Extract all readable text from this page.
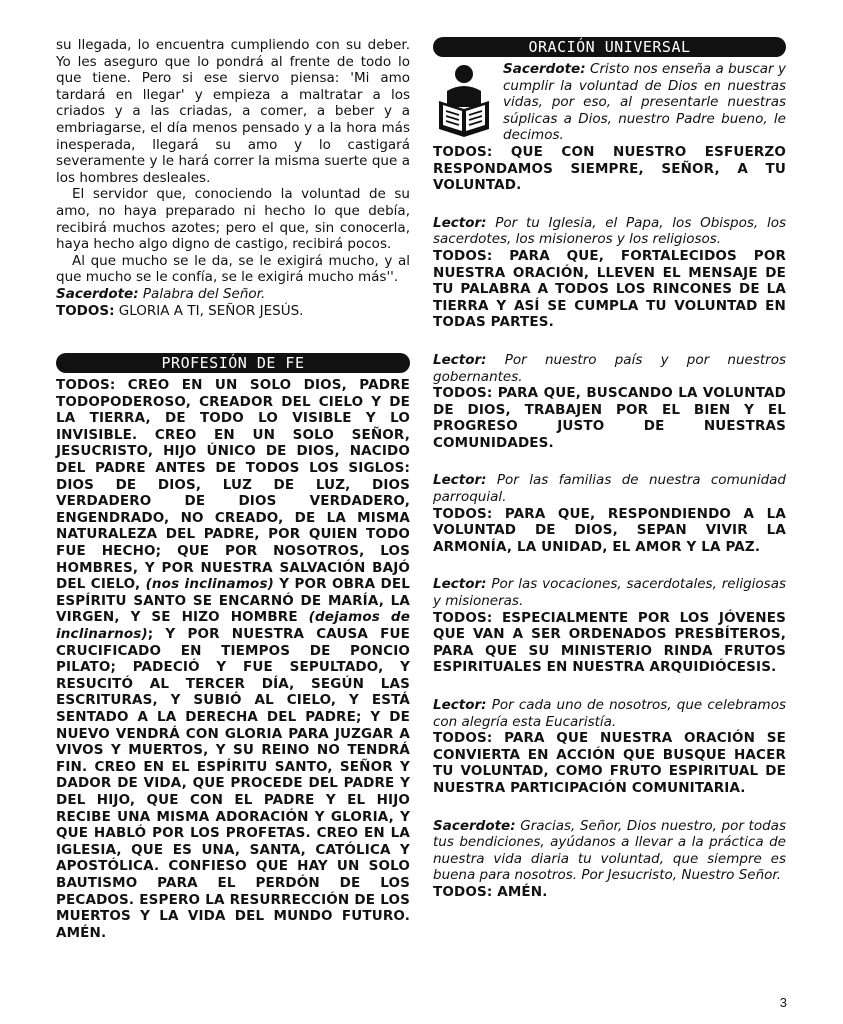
su llegada, lo encuentra cumpliendo con su deber. Yo les aseguro que lo pondrá al frente de todo lo que tiene. Pero si ese siervo piensa: 'Mi amo tardará en llegar' y empieza a maltratar a los criados y a las criadas, a comer, a beber y a embriagarse, el día menos pensado y a la hora más inesperada, llegará su amo y lo castigará severamente y le hará correr la misma suerte que a los hombres desleales.

El servidor que, conociendo la voluntad de su amo, no haya preparado ni hecho lo que debía, recibirá muchos azotes; pero el que, sin conocerla, haya hecho algo digno de castigo, recibirá pocos.

Al que mucho se le da, se le exigirá mucho, y al que mucho se le confía, se le exigirá mucho más''.

Sacerdote: Palabra del Señor.

TODOS: GLORIA A TI, SEÑOR JESÚS.

PROFESIÓN DE FE

TODOS: CREO EN UN SOLO DIOS, PADRE TODOPODEROSO, CREADOR DEL CIELO Y DE LA TIERRA, DE TODO LO VISIBLE Y LO INVISIBLE. CREO EN UN SOLO SEÑOR, JESUCRISTO, HIJO ÚNICO DE DIOS, NACIDO DEL PADRE ANTES DE TODOS LOS SIGLOS: DIOS DE DIOS, LUZ DE LUZ, DIOS VERDADERO DE DIOS VERDADERO, ENGENDRADO, NO CREADO, DE LA MISMA NATURALEZA DEL PADRE, POR QUIEN TODO FUE HECHO; QUE POR NOSOTROS, LOS HOMBRES, Y POR NUESTRA SALVACIÓN BAJÓ DEL CIELO, (nos inclinamos) Y POR OBRA DEL ESPÍRITU SANTO SE ENCARNÓ DE MARÍA, LA VIRGEN, Y SE HIZO HOMBRE (dejamos de inclinarnos); Y POR NUESTRA CAUSA FUE CRUCIFICADO EN TIEMPOS DE PONCIO PILATO; PADECIÓ Y FUE SEPULTADO, Y RESUCITÓ AL TERCER DÍA, SEGÚN LAS ESCRITURAS, Y SUBIÓ AL CIELO, Y ESTÁ SENTADO A LA DERECHA DEL PADRE; Y DE NUEVO VENDRÁ CON GLORIA PARA JUZGAR A VIVOS Y MUERTOS, Y SU REINO NO TENDRÁ FIN. CREO EN EL ESPÍRITU SANTO, SEÑOR Y DADOR DE VIDA, QUE PROCEDE DEL PADRE Y DEL HIJO, QUE CON EL PADRE Y EL HIJO RECIBE UNA MISMA ADORACIÓN Y GLORIA, Y QUE HABLÓ POR LOS PROFETAS. CREO EN LA IGLESIA, QUE ES UNA, SANTA, CATÓLICA Y APOSTÓLICA. CONFIESO QUE HAY UN SOLO BAUTISMO PARA EL PERDÓN DE LOS PECADOS. ESPERO LA RESURRECCIÓN DE LOS MUERTOS Y LA VIDA DEL MUNDO FUTURO. AMÉN.

ORACIÓN UNIVERSAL

Sacerdote: Cristo nos enseña a buscar y cumplir la voluntad de Dios en nuestras vidas, por eso, al presentarle nuestras súplicas a Dios, nuestro Padre bueno, le decimos.

TODOS: QUE CON NUESTRO ESFUERZO RESPONDAMOS SIEMPRE, SEÑOR, A TU VOLUNTAD.

Lector: Por tu Iglesia, el Papa, los Obispos, los sacerdotes, los misioneros y los religiosos.

TODOS: PARA QUE, FORTALECIDOS POR NUESTRA ORACIÓN, LLEVEN EL MENSAJE DE TU PALABRA A TODOS LOS RINCONES DE LA TIERRA Y ASÍ SE CUMPLA TU VOLUNTAD EN TODAS PARTES.

Lector: Por nuestro país y por nuestros gobernantes.

TODOS: PARA QUE, BUSCANDO LA VOLUNTAD DE DIOS, TRABAJEN POR EL BIEN Y EL PROGRESO JUSTO DE NUESTRAS COMUNIDADES.

Lector: Por las familias de nuestra comunidad parroquial.

TODOS: PARA QUE, RESPONDIENDO A LA VOLUNTAD DE DIOS, SEPAN VIVIR LA ARMONÍA, LA UNIDAD, EL AMOR Y LA PAZ.

Lector: Por las vocaciones, sacerdotales, religiosas y misioneras.

TODOS: ESPECIALMENTE POR LOS JÓVENES QUE VAN A SER ORDENADOS PRESBÍTEROS, PARA QUE SU MINISTERIO RINDA FRUTOS ESPIRITUALES EN NUESTRA ARQUIDIÓCESIS.

Lector: Por cada uno de nosotros, que celebramos con alegría esta Eucaristía.

TODOS: PARA QUE NUESTRA ORACIÓN SE CONVIERTA EN ACCIÓN QUE BUSQUE HACER TU VOLUNTAD, COMO FRUTO ESPIRITUAL DE NUESTRA PARTICIPACIÓN COMUNITARIA.

Sacerdote: Gracias, Señor, Dios nuestro, por todas tus bendiciones, ayúdanos a llevar a la práctica de nuestra vida diaria tu voluntad, que siempre es buena para nosotros. Por Jesucristo, Nuestro Señor.

TODOS: AMÉN.

3
